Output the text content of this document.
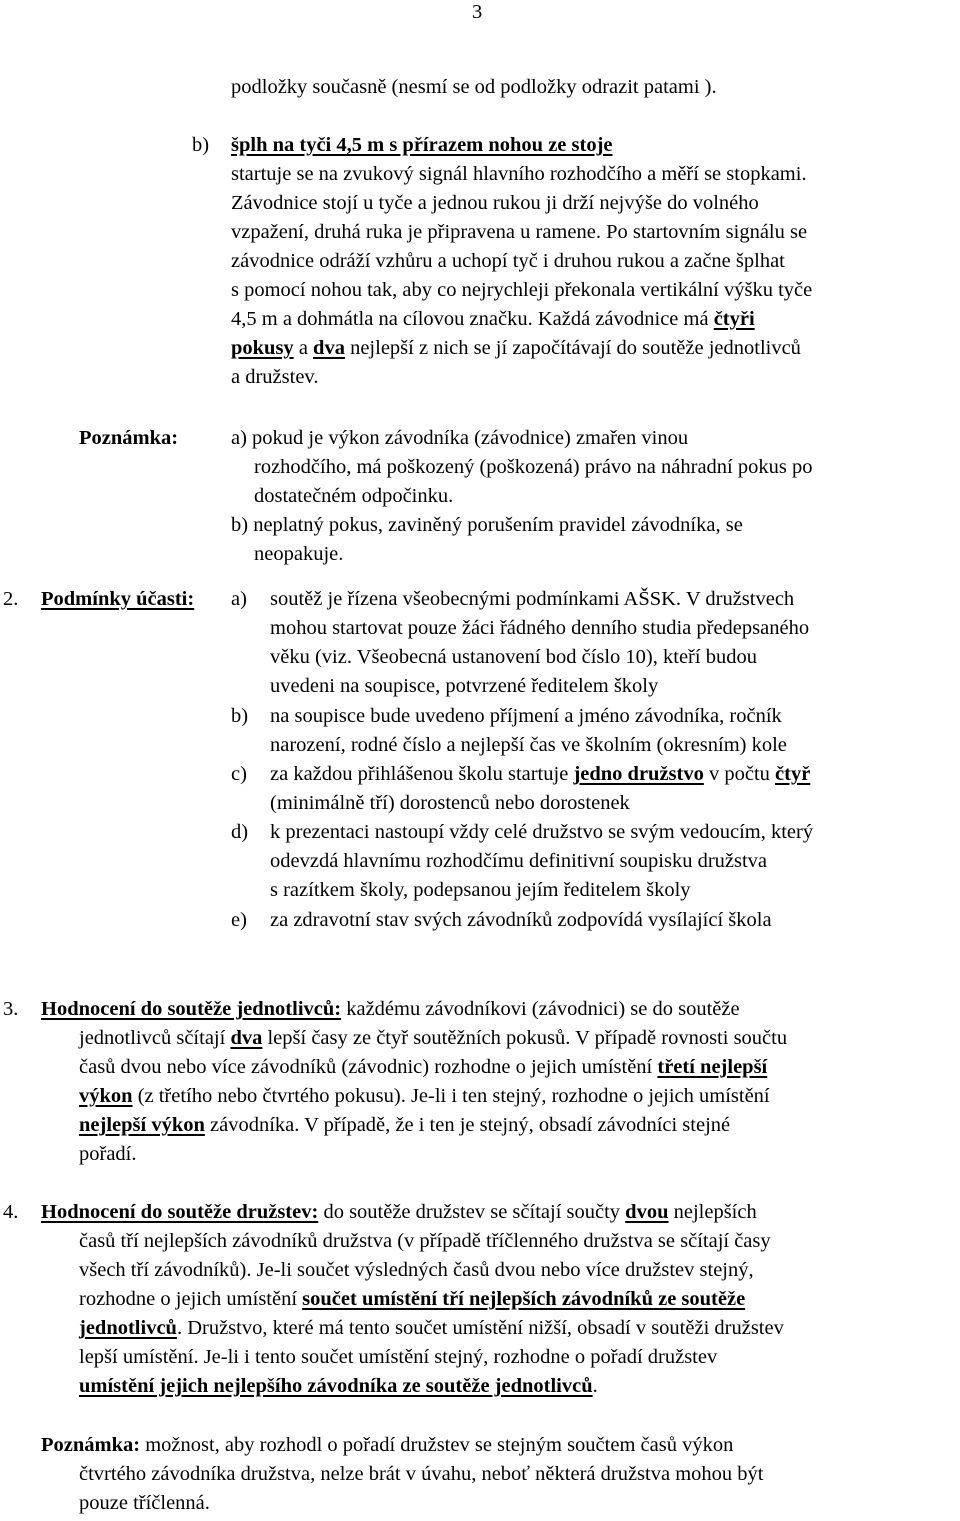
3
podložky současně (nesmí se od podložky odrazit patami ).
b) šplh na tyči 4,5 m s přírazem nohou ze stoje
startuje se na zvukový signál hlavního rozhodčího a měří se stopkami.
Závodnice stojí u tyče a jednou rukou ji drží nejvýše do volného
vzpažení, druhá ruka je připravena u ramene. Po startovním signálu se
závodnice odráží vzhůru a uchopí tyč i druhou rukou a začne šplhat
s pomocí nohou tak, aby co nejrychleji překonala vertikální výšku tyče
4,5 m a dohmátla na cílovou značku. Každá závodnice má čtyři
pokusy a dva nejlepší z nich se jí započítávají do soutěže jednotlivců
a družstev.
Poznámka:	a) pokud je výkon závodníka (závodnice) zmařen vinou
rozhodčího, má poškozený (poškozená) právo na náhradní pokus po
dostatečném odpočinku.
b) neplatný pokus, zaviněný porušením pravidel závodníka, se
neopakuje.
2. Podmínky účasti: a) soutěž je řízena všeobecnými podmínkami AŠSK. V družstvech
mohou startovat pouze žáci řádného denního studia předepsaného
věku (viz. Všeobecná ustanovení bod číslo 10), kteří budou
uvedeni na soupisce, potvrzené ředitelem školy
b) na soupisce bude uvedeno příjmení a jméno závodníka, ročník
narození, rodné číslo a nejlepší čas ve školním (okresním) kole
c) za každou přihlášenou školu startuje jedno družstvo v počtu čtyř
(minimálně tří) dorostenců nebo dorostenek
d) k prezentaci nastoupí vždy celé družstvo se svým vedoucím, který
odevzdá hlavnímu rozhodčímu definitivní soupisku družstva
s razítkem školy, podepsanou jejím ředitelem školy
e) za zdravotní stav svých závodníků zodpovídá vysílající škola
3. Hodnocení do soutěže jednotlivců: každému závodníkovi (závodnici) se do soutěže
jednotlivců sčítají dva lepší časy ze čtyř soutěžních pokusů. V případě rovnosti součtu
časů dvou nebo více závodníků (závodnic) rozhodne o jejich umístění třetí nejlepší
výkon (z třetího nebo čtvrtého pokusu). Je-li i ten stejný, rozhodne o jejich umístění
nejlepší výkon závodníka. V případě, že i ten je stejný, obsadí závodníci stejné
pořadí.
4. Hodnocení do soutěže družstev: do soutěže družstev se sčítají součty dvou nejlepších
časů tří nejlepších závodníků družstva (v případě tříčlenného družstva se sčítají časy
všech tří závodníků). Je-li součet výsledných časů dvou nebo více družstev stejný,
rozhodne o jejich umístění součet umístění tří nejlepších závodníků ze soutěže
jednotlivců. Družstvo, které má tento součet umístění nižší, obsadí v soutěži družstev
lepší umístění. Je-li i tento součet umístění stejný, rozhodne o pořadí družstev
umístění jejich nejlepšího závodníka ze soutěže jednotlivců.
Poznámka: možnost, aby rozhodl o pořadí družstev se stejným součtem časů výkon
čtvrtého závodníka družstva, nelze brát v úvahu, neboť některá družstva mohou být
pouze tříčlenná.
